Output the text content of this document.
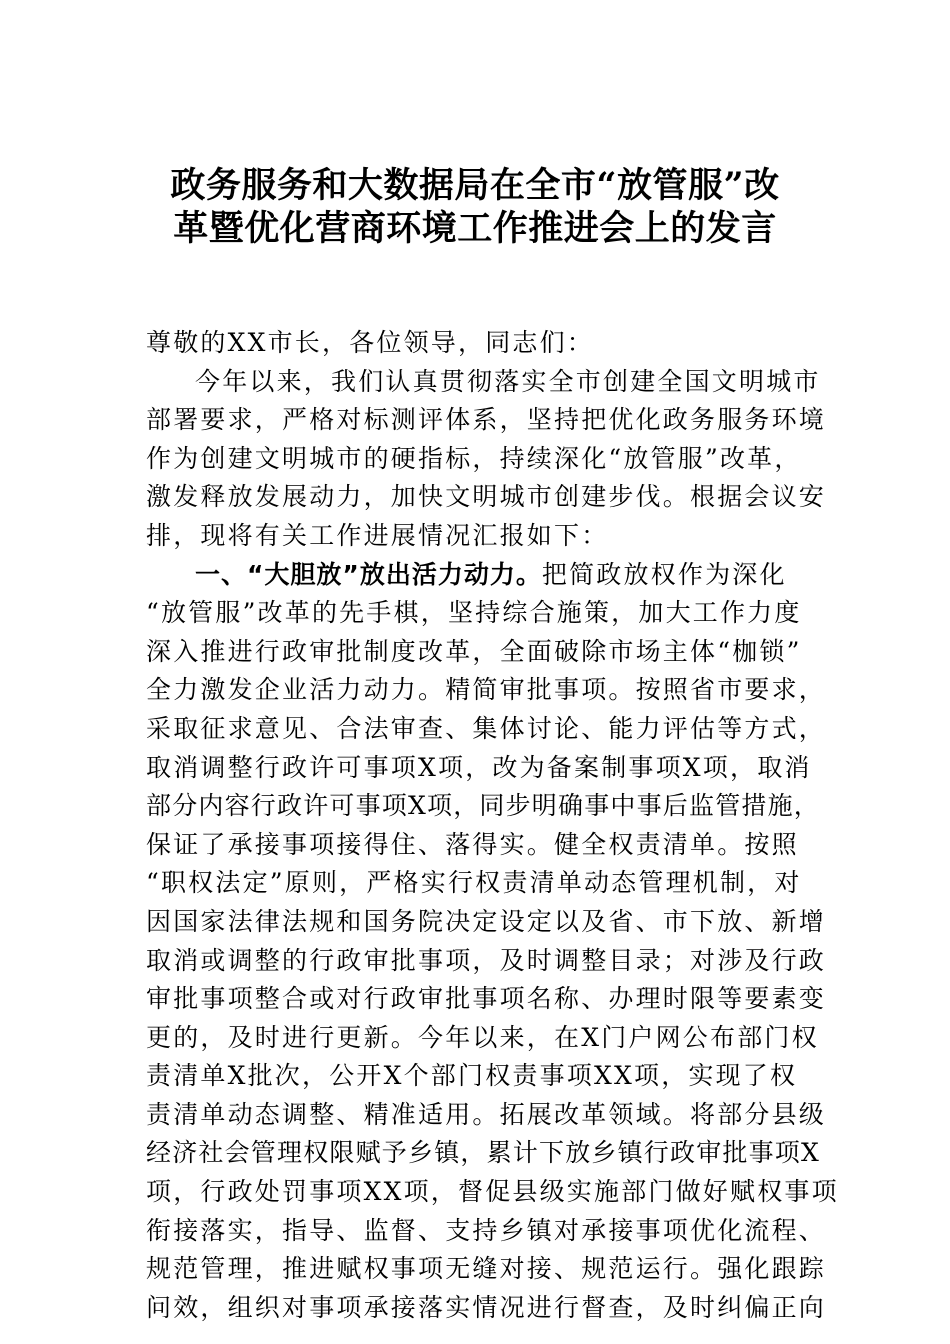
政务服务和大数据局在全市“放管服”改
革暨优化营商环境工作推进会上的发言
尊敬的XX市长，各位领导，同志们：
今年以来，我们认真贯彻落实全市创建全国文明城市
部署要求，严格对标测评体系，坚持把优化政务服务环境
作为创建文明城市的硬指标，持续深化“放管服”改革，
激发释放发展动力，加快文明城市创建步伐。根据会议安
排，现将有关工作进展情况汇报如下：
一、“大胆放”放出活力动力。把简政放权作为深化
“放管服”改革的先手棋，坚持综合施策，加大工作力度
深入推进行政审批制度改革，全面破除市场主体“枷锁”
全力激发企业活力动力。精简审批事项。按照省市要求，
采取征求意见、合法审查、集体讨论、能力评估等方式，
取消调整行政许可事项X项，改为备案制事项X项，取消
部分内容行政许可事项X项，同步明确事中事后监管措施，
保证了承接事项接得住、落得实。健全权责清单。按照
“职权法定”原则，严格实行权责清单动态管理机制，对
因国家法律法规和国务院决定设定以及省、市下放、新增
取消或调整的行政审批事项，及时调整目录；对涉及行政
审批事项整合或对行政审批事项名称、办理时限等要素变
更的，及时进行更新。今年以来，在X门户网公布部门权
责清单X批次，公开X个部门权责事项XX项，实现了权
责清单动态调整、精准适用。拓展改革领域。将部分县级
经济社会管理权限赋予乡镇，累计下放乡镇行政审批事项X
项，行政处罚事项XX项，督促县级实施部门做好赋权事项
衔接落实，指导、监督、支持乡镇对承接事项优化流程、
规范管理，推进赋权事项无缝对接、规范运行。强化跟踪
问效，组织对事项承接落实情况进行督查，及时纠偏正向
